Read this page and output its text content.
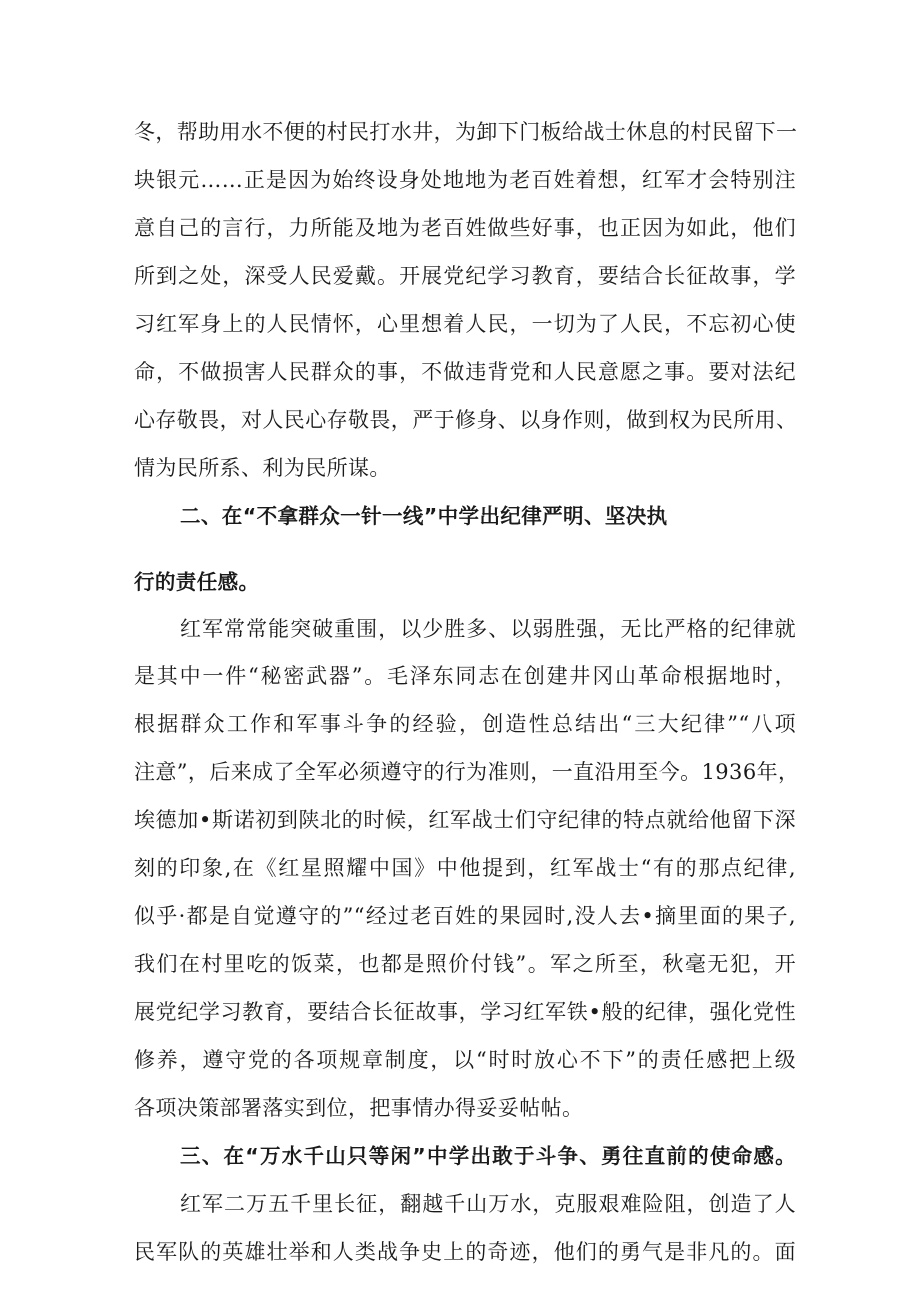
冬，帮助用水不便的村民打水井，为卸下门板给战士休息的村民留下一
块银元……正是因为始终设身处地地为老百姓着想，红军才会特别注
意自己的言行，力所能及地为老百姓做些好事，也正因为如此，他们
所到之处，深受人民爱戴。开展党纪学习教育，要结合长征故事，学
习红军身上的人民情怀，心里想着人民，一切为了人民，不忘初心使
命，不做损害人民群众的事，不做违背党和人民意愿之事。要对法纪
心存敬畏，对人民心存敬畏，严于修身、以身作则，做到权为民所用、
情为民所系、利为民所谋。
二、在“不拿群众一针一线”中学出纪律严明、坚决执
行的责任感。
红军常常能突破重围，以少胜多、以弱胜强，无比严格的纪律就
是其中一件“秘密武器”。毛泽东同志在创建井冈山革命根据地时，
根据群众工作和军事斗争的经验，创造性总结出“三大纪律”“八项
注意”，后来成了全军必须遵守的行为准则，一直沿用至今。1936年，
埃德加•斯诺初到陕北的时候，红军战士们守纪律的特点就给他留下深
刻的印象,在《红星照耀中国》中他提到，红军战士“有的那点纪律,
似乎·都是自觉遵守的”“经过老百姓的果园时,没人去•摘里面的果子,
我们在村里吃的饭菜，也都是照价付钱”。军之所至，秋毫无犯，开
展党纪学习教育，要结合长征故事，学习红军铁•般的纪律，强化党性
修养，遵守党的各项规章制度，以“时时放心不下”的责任感把上级
各项决策部署落实到位，把事情办得妥妥帖帖。
三、在“万水千山只等闲”中学出敢于斗争、勇往直前的使命感。
红军二万五千里长征，翻越千山万水，克服艰难险阻，创造了人
民军队的英雄壮举和人类战争史上的奇迹，他们的勇气是非凡的。面
